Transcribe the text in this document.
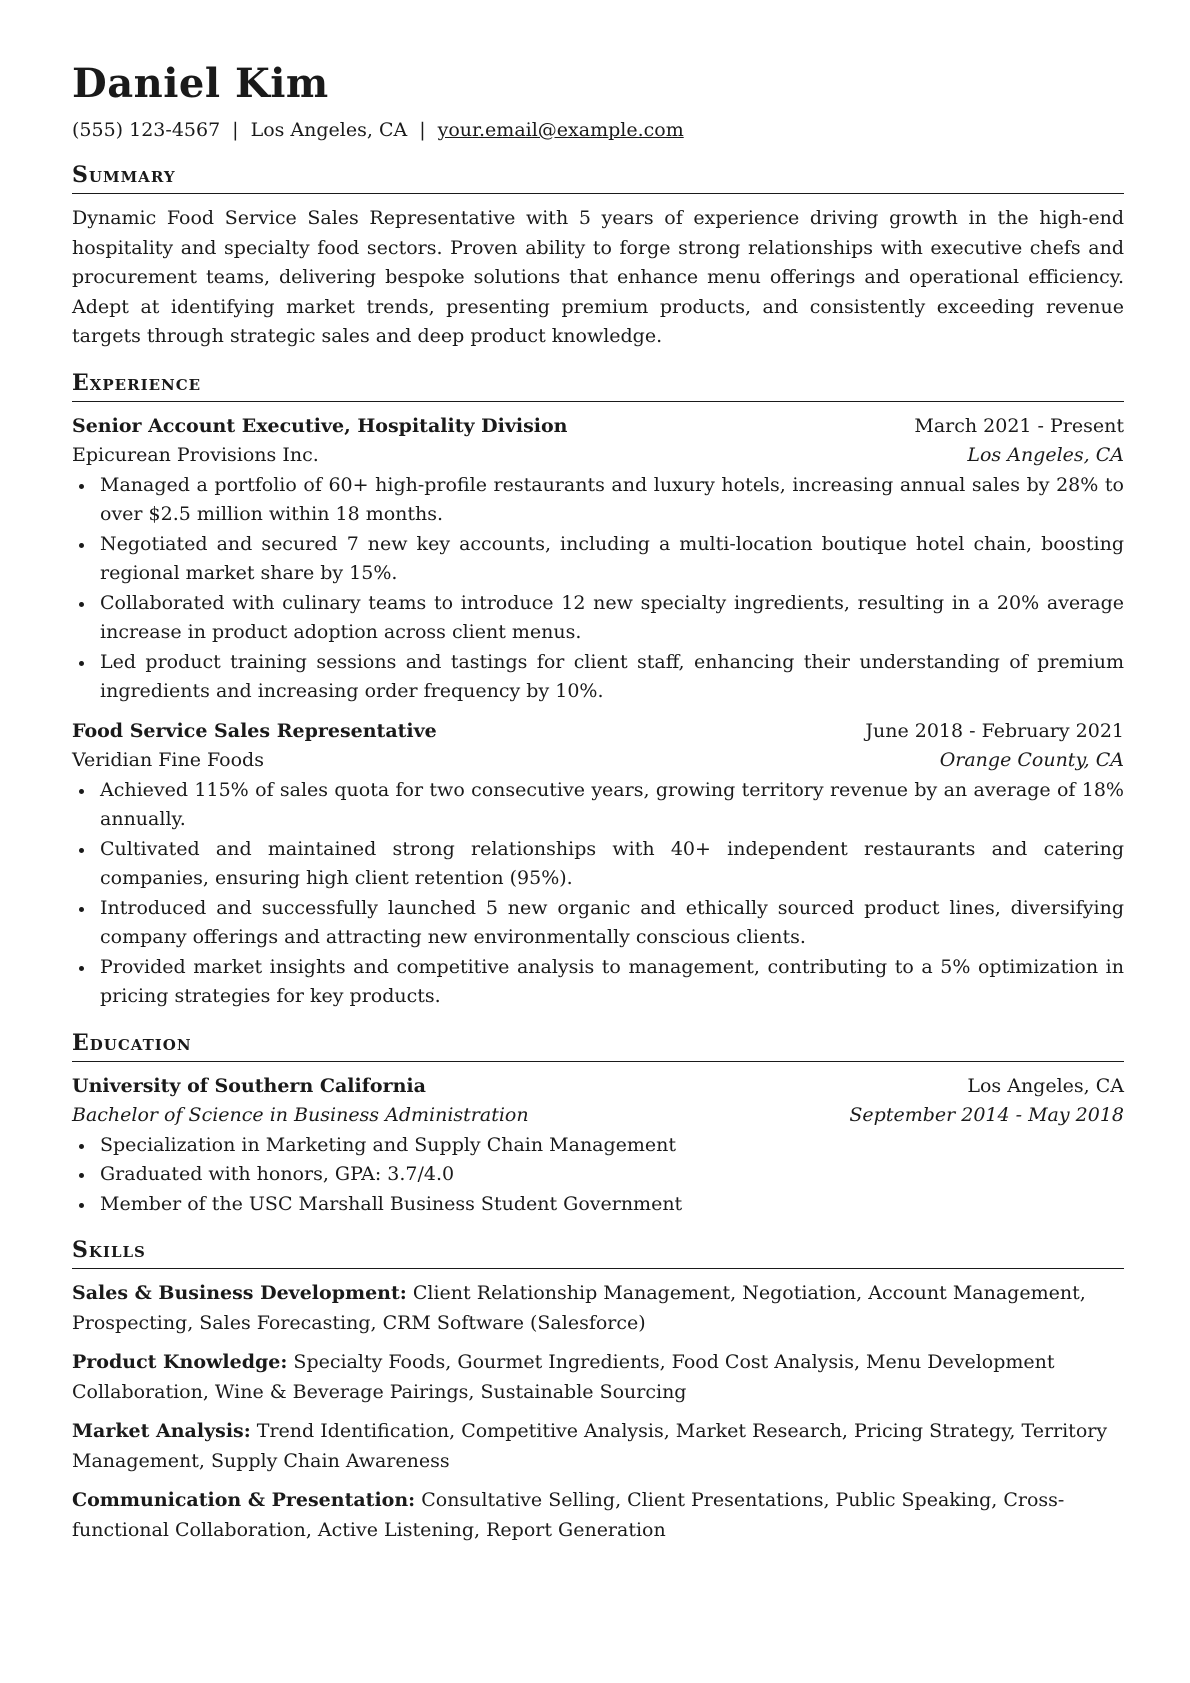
Daniel Kim
(555) 123-4567 | Los Angeles, CA | your.email@example.com
Summary

Dynamic Food Service Sales Representative with 5 years of experience driving growth in the high-end hospitality and specialty food sectors. Proven ability to forge strong relationships with executive chefs and procurement teams, delivering bespoke solutions that enhance menu offerings and operational efficiency. Adept at identifying market trends, presenting premium products, and consistently exceeding revenue targets through strategic sales and deep product knowledge.

Experience
Senior Account Executive, Hospitality Division	March 2021 - Present
Epicurean Provisions Inc.	Los Angeles, CA
Managed a portfolio of 60+ high-profile restaurants and luxury hotels, increasing annual sales by 28% to over $2.5 million within 18 months.
Negotiated and secured 7 new key accounts, including a multi-location boutique hotel chain, boosting regional market share by 15%.
Collaborated with culinary teams to introduce 12 new specialty ingredients, resulting in a 20% average increase in product adoption across client menus.
Led product training sessions and tastings for client staff, enhancing their understanding of premium ingredients and increasing order frequency by 10%.
Food Service Sales Representative	June 2018 - February 2021
Veridian Fine Foods	Orange County, CA
Achieved 115% of sales quota for two consecutive years, growing territory revenue by an average of 18% annually.
Cultivated and maintained strong relationships with 40+ independent restaurants and catering companies, ensuring high client retention (95%).
Introduced and successfully launched 5 new organic and ethically sourced product lines, diversifying company offerings and attracting new environmentally conscious clients.
Provided market insights and competitive analysis to management, contributing to a 5% optimization in pricing strategies for key products.
Education
University of Southern California	Los Angeles, CA
Bachelor of Science in Business Administration	September 2014 - May 2018
Specialization in Marketing and Supply Chain Management
Graduated with honors, GPA: 3.7/4.0
Member of the USC Marshall Business Student Government
Skills
Sales & Business Development: Client Relationship Management, Negotiation, Account Management, Prospecting, Sales Forecasting, CRM Software (Salesforce)
Product Knowledge: Specialty Foods, Gourmet Ingredients, Food Cost Analysis, Menu Development Collaboration, Wine & Beverage Pairings, Sustainable Sourcing
Market Analysis: Trend Identification, Competitive Analysis, Market Research, Pricing Strategy, Territory Management, Supply Chain Awareness
Communication & Presentation: Consultative Selling, Client Presentations, Public Speaking, Cross-functional Collaboration, Active Listening, Report Generation
